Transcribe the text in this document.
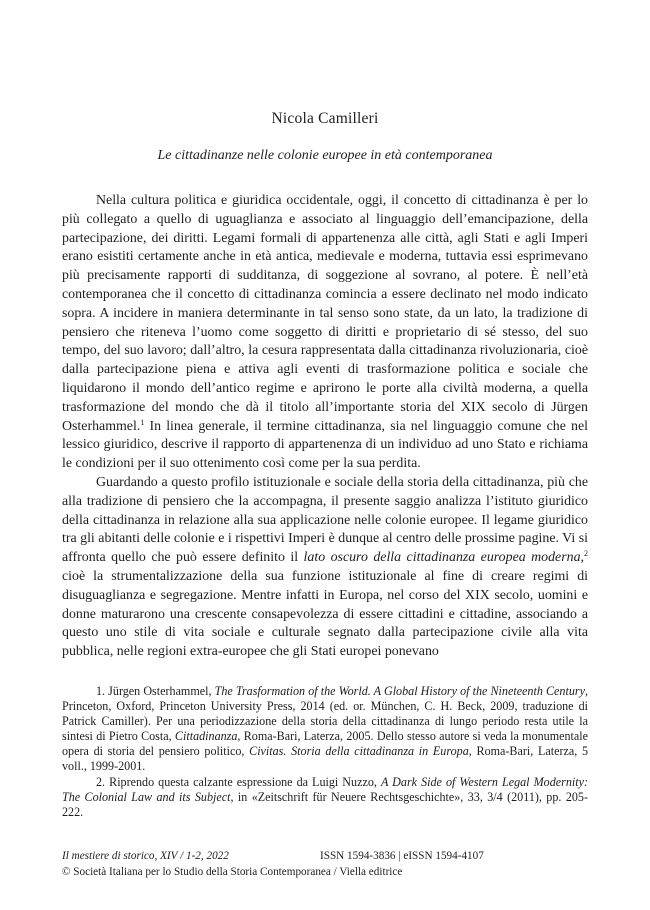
Nicola Camilleri
Le cittadinanze nelle colonie europee in età contemporanea

Nella cultura politica e giuridica occidentale, oggi, il concetto di cittadinanza è per lo più collegato a quello di uguaglianza e associato al linguaggio dell’emancipazione, della partecipazione, dei diritti. Legami formali di appartenenza alle città, agli Stati e agli Imperi erano esistiti certamente anche in età antica, medievale e moderna, tuttavia essi esprimevano più precisamente rapporti di sudditanza, di soggezione al sovrano, al potere. È nell’età contemporanea che il concetto di cittadinanza comincia a essere declinato nel modo indicato sopra. A incidere in maniera determinante in tal senso sono state, da un lato, la tradizione di pensiero che riteneva l’uomo come soggetto di diritti e proprietario di sé stesso, del suo tempo, del suo lavoro; dall’altro, la cesura rappresentata dalla cittadinanza rivoluzionaria, cioè dalla partecipazione piena e attiva agli eventi di trasformazione politica e sociale che liquidarono il mondo dell’antico regime e aprirono le porte alla civiltà moderna, a quella trasformazione del mondo che dà il titolo all’importante storia del XIX secolo di Jürgen Osterhammel.$^1$ In linea generale, il termine cittadinanza, sia nel linguaggio comune che nel lessico giuridico, descrive il rapporto di appartenenza di un individuo ad uno Stato e richiama le condizioni per il suo ottenimento così come per la sua perdita.

Guardando a questo profilo istituzionale e sociale della storia della cittadinanza, più che alla tradizione di pensiero che la accompagna, il presente saggio analizza l’istituto giuridico della cittadinanza in relazione alla sua applicazione nelle colonie europee. Il legame giuridico tra gli abitanti delle colonie e i rispettivi Imperi è dunque al centro delle prossime pagine. Vi si affronta quello che può essere definito il lato oscuro della cittadinanza europea moderna,$^2$ cioè la strumentalizzazione della sua funzione istituzionale al fine di creare regimi di disuguaglianza e segregazione. Mentre infatti in Europa, nel corso del XIX secolo, uomini e donne maturarono una crescente consapevolezza di essere cittadini e cittadine, associando a questo uno stile di vita sociale e culturale segnato dalla partecipazione civile alla vita pubblica, nelle regioni extra-europee che gli Stati europei ponevano

1. Jürgen Osterhammel, The Trasformation of the World. A Global History of the Nineteenth Century, Princeton, Oxford, Princeton University Press, 2014 (ed. or. München, C. H. Beck, 2009, traduzione di Patrick Camiller). Per una periodizzazione della storia della cittadinanza di lungo periodo resta utile la sintesi di Pietro Costa, Cittadinanza, Roma-Bari, Laterza, 2005. Dello stesso autore si veda la monumentale opera di storia del pensiero politico, Civitas. Storia della cittadinanza in Europa, Roma-Bari, Laterza, 5 voll., 1999-2001.

2. Riprendo questa calzante espressione da Luigi Nuzzo, A Dark Side of Western Legal Modernity: The Colonial Law and its Subject, in «Zeitschrift für Neuere Rechtsgeschichte», 33, 3/4 (2011), pp. 205-222.

Il mestiere di storico, XIV / 1-2, 2022	ISSN 1594-3836 | eISSN 1594-4107
© Società Italiana per lo Studio della Storia Contemporanea / Viella editrice
